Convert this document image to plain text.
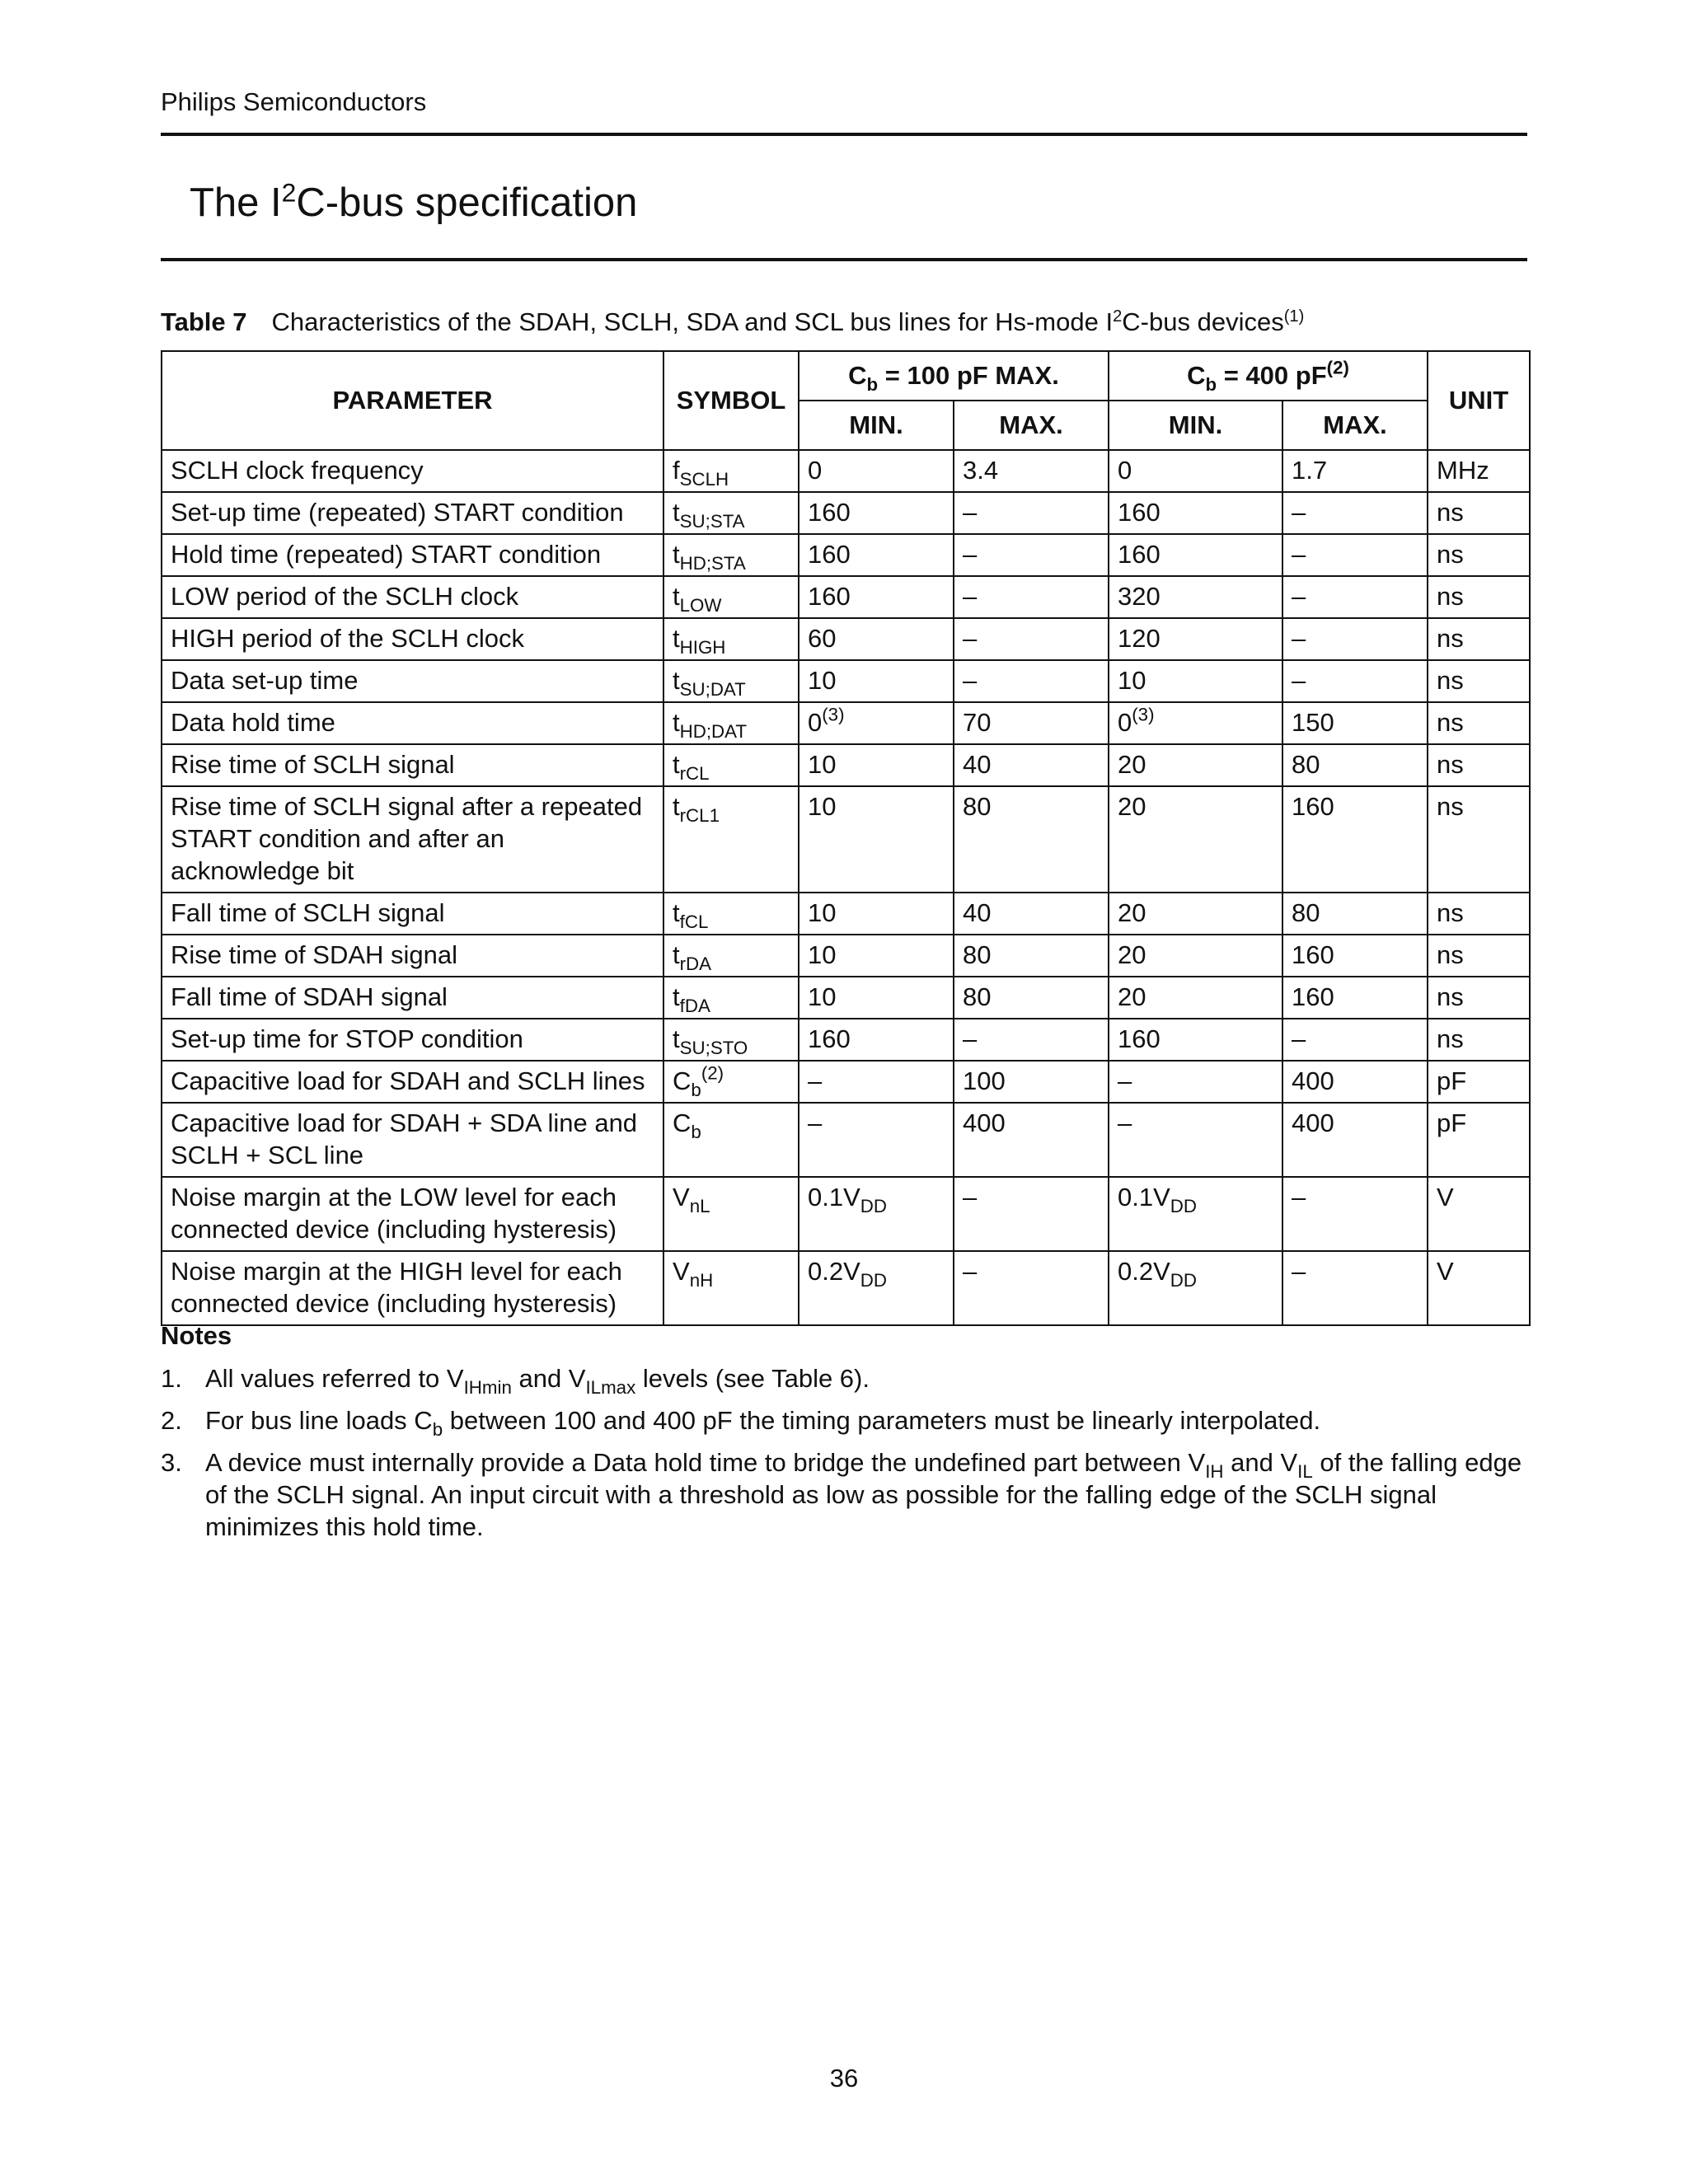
Philips Semiconductors
The $I^2C$-bus specification
Table 7 Characteristics of the SDAH, SCLH, SDA and SCL bus lines for Hs-mode $I^2C$-bus devices$^{(1)}$
PARAMETER	SYMBOL	$C_b = 100$ pF MAX.		$C_b = 400$ $pF^{(2)}$		UNIT
		MIN.	MAX.	MIN.	MAX.	
SCLH clock frequency	$f_{SCLH}$	0	3.4	0	1.7	MHz
Set-up time (repeated) START condition	$t_{SU;STA}$	160	–	160	–	ns
Hold time (repeated) START condition	$t_{HD;STA}$	160	–	160	–	ns
LOW period of the SCLH clock	$t_{LOW}$	160	–	320	–	ns
HIGH period of the SCLH clock	$t_{HIGH}$	60	–	120	–	ns
Data set-up time	$t_{SU;DAT}$	10	–	10	–	ns
Data hold time	$t_{HD;DAT}$	0$^{(3)}$	70	0$^{(3)}$	150	ns
Rise time of SCLH signal	$t_{rCL}$	10	40	20	80	ns
Rise time of SCLH signal after a repeated START condition and after an acknowledge bit	$t_{rCL1}$	10	80	20	160	ns
Fall time of SCLH signal	$t_{fCL}$	10	40	20	80	ns
Rise time of SDAH signal	$t_{rDA}$	10	80	20	160	ns
Fall time of SDAH signal	$t_{fDA}$	10	80	20	160	ns
Set-up time for STOP condition	$t_{SU;STO}$	160	–	160	–	ns
Capacitive load for SDAH and SCLH lines	$C_b^{(2)}$	–	100	–	400	pF
Capacitive load for SDAH + SDA line and SCLH + SCL line	$C_b$	–	400	–	400	pF
Noise margin at the LOW level for each connected device (including hysteresis)	$V_{nL}$	$0.1V_{DD}$	–	$0.1V_{DD}$	–	V
Noise margin at the HIGH level for each connected device (including hysteresis)	$V_{nH}$	$0.2V_{DD}$	–	$0.2V_{DD}$	–	V
Notes
1. All values referred to $V_{IHmin}$ and $V_{ILmax}$ levels (see Table 6).
2. For bus line loads $C_b$ between 100 and 400 pF the timing parameters must be linearly interpolated.
3. A device must internally provide a Data hold time to bridge the undefined part between $V_{IH}$ and $V_{IL}$ of the falling edge of the SCLH signal. An input circuit with a threshold as low as possible for the falling edge of the SCLH signal minimizes this hold time.
36
